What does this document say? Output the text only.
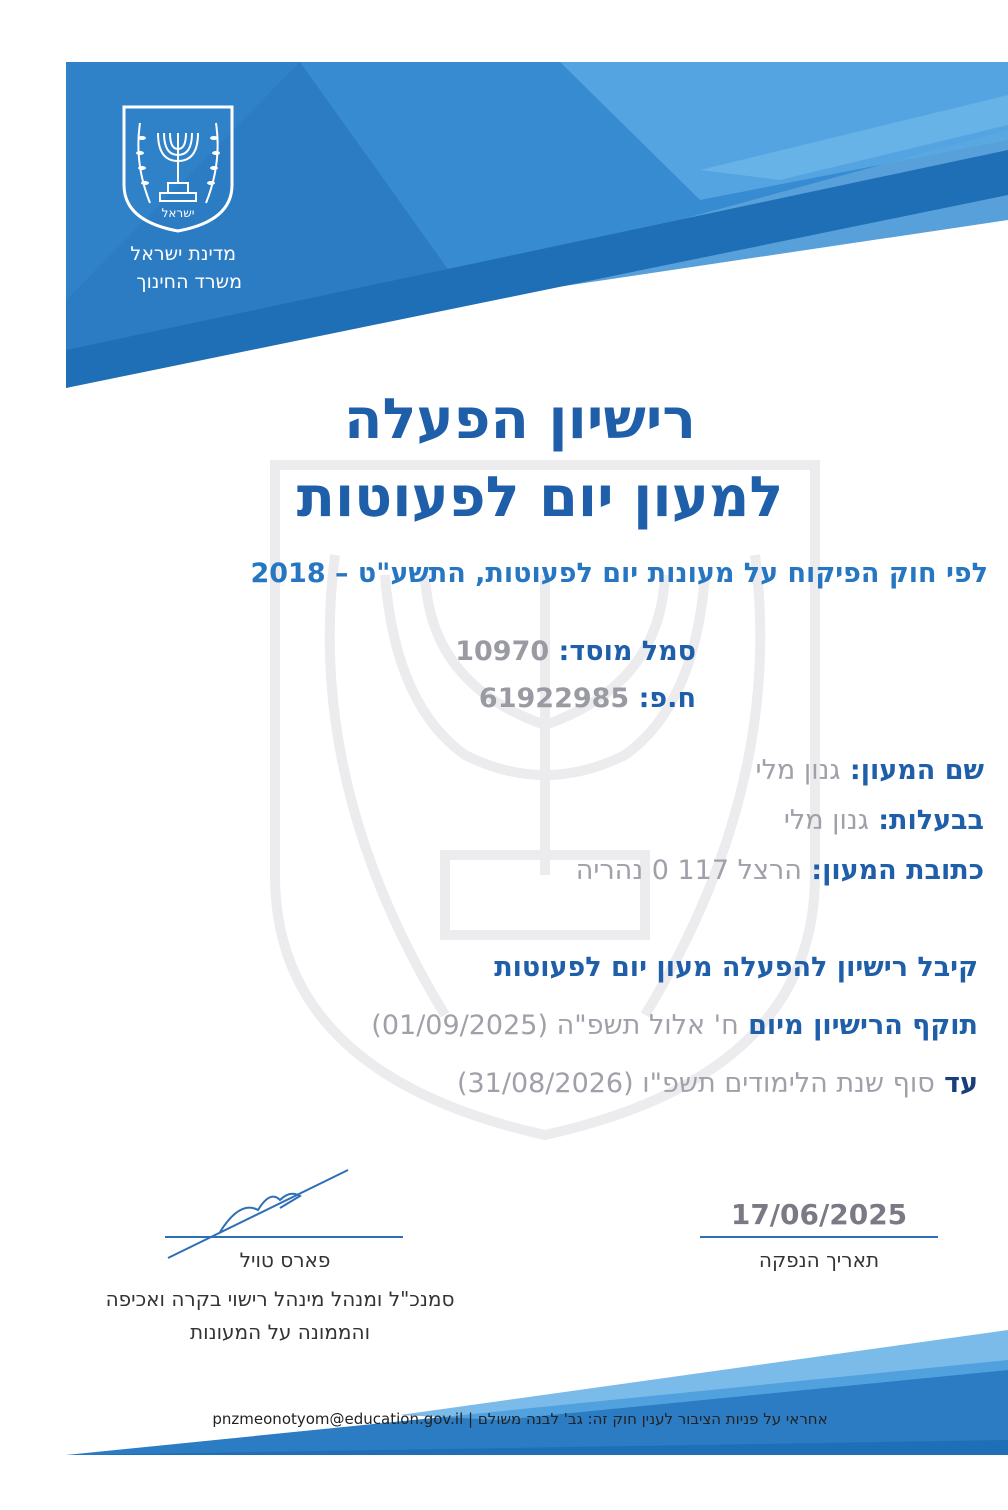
ישראל
מדינת ישראל
משרד החינוך
רישיון הפעלה
למעון יום לפעוטות
לפי חוק הפיקוח על מעונות יום לפעוטות, התשע"ט – 2018
סמל מוסד: 10970
ח.פ: 61922985
שם המעון: גנון מלי
בבעלות: גנון מלי
כתובת המעון: הרצל 117 0 נהריה
קיבל רישיון להפעלה מעון יום לפעוטות
תוקף הרישיון מיום ח' אלול תשפ"ה (01/09/2025)
עד סוף שנת הלימודים תשפ"ו (31/08/2026)
פארס טויל
סמנכ"ל ומנהל מינהל רישוי בקרה ואכיפה
והממונה על המעונות
17/06/2025
תאריך הנפקה
אחראי על פניות הציבור לענין חוק זה: גב' לבנה משולם | pnzmeonotyom@education.gov.il
